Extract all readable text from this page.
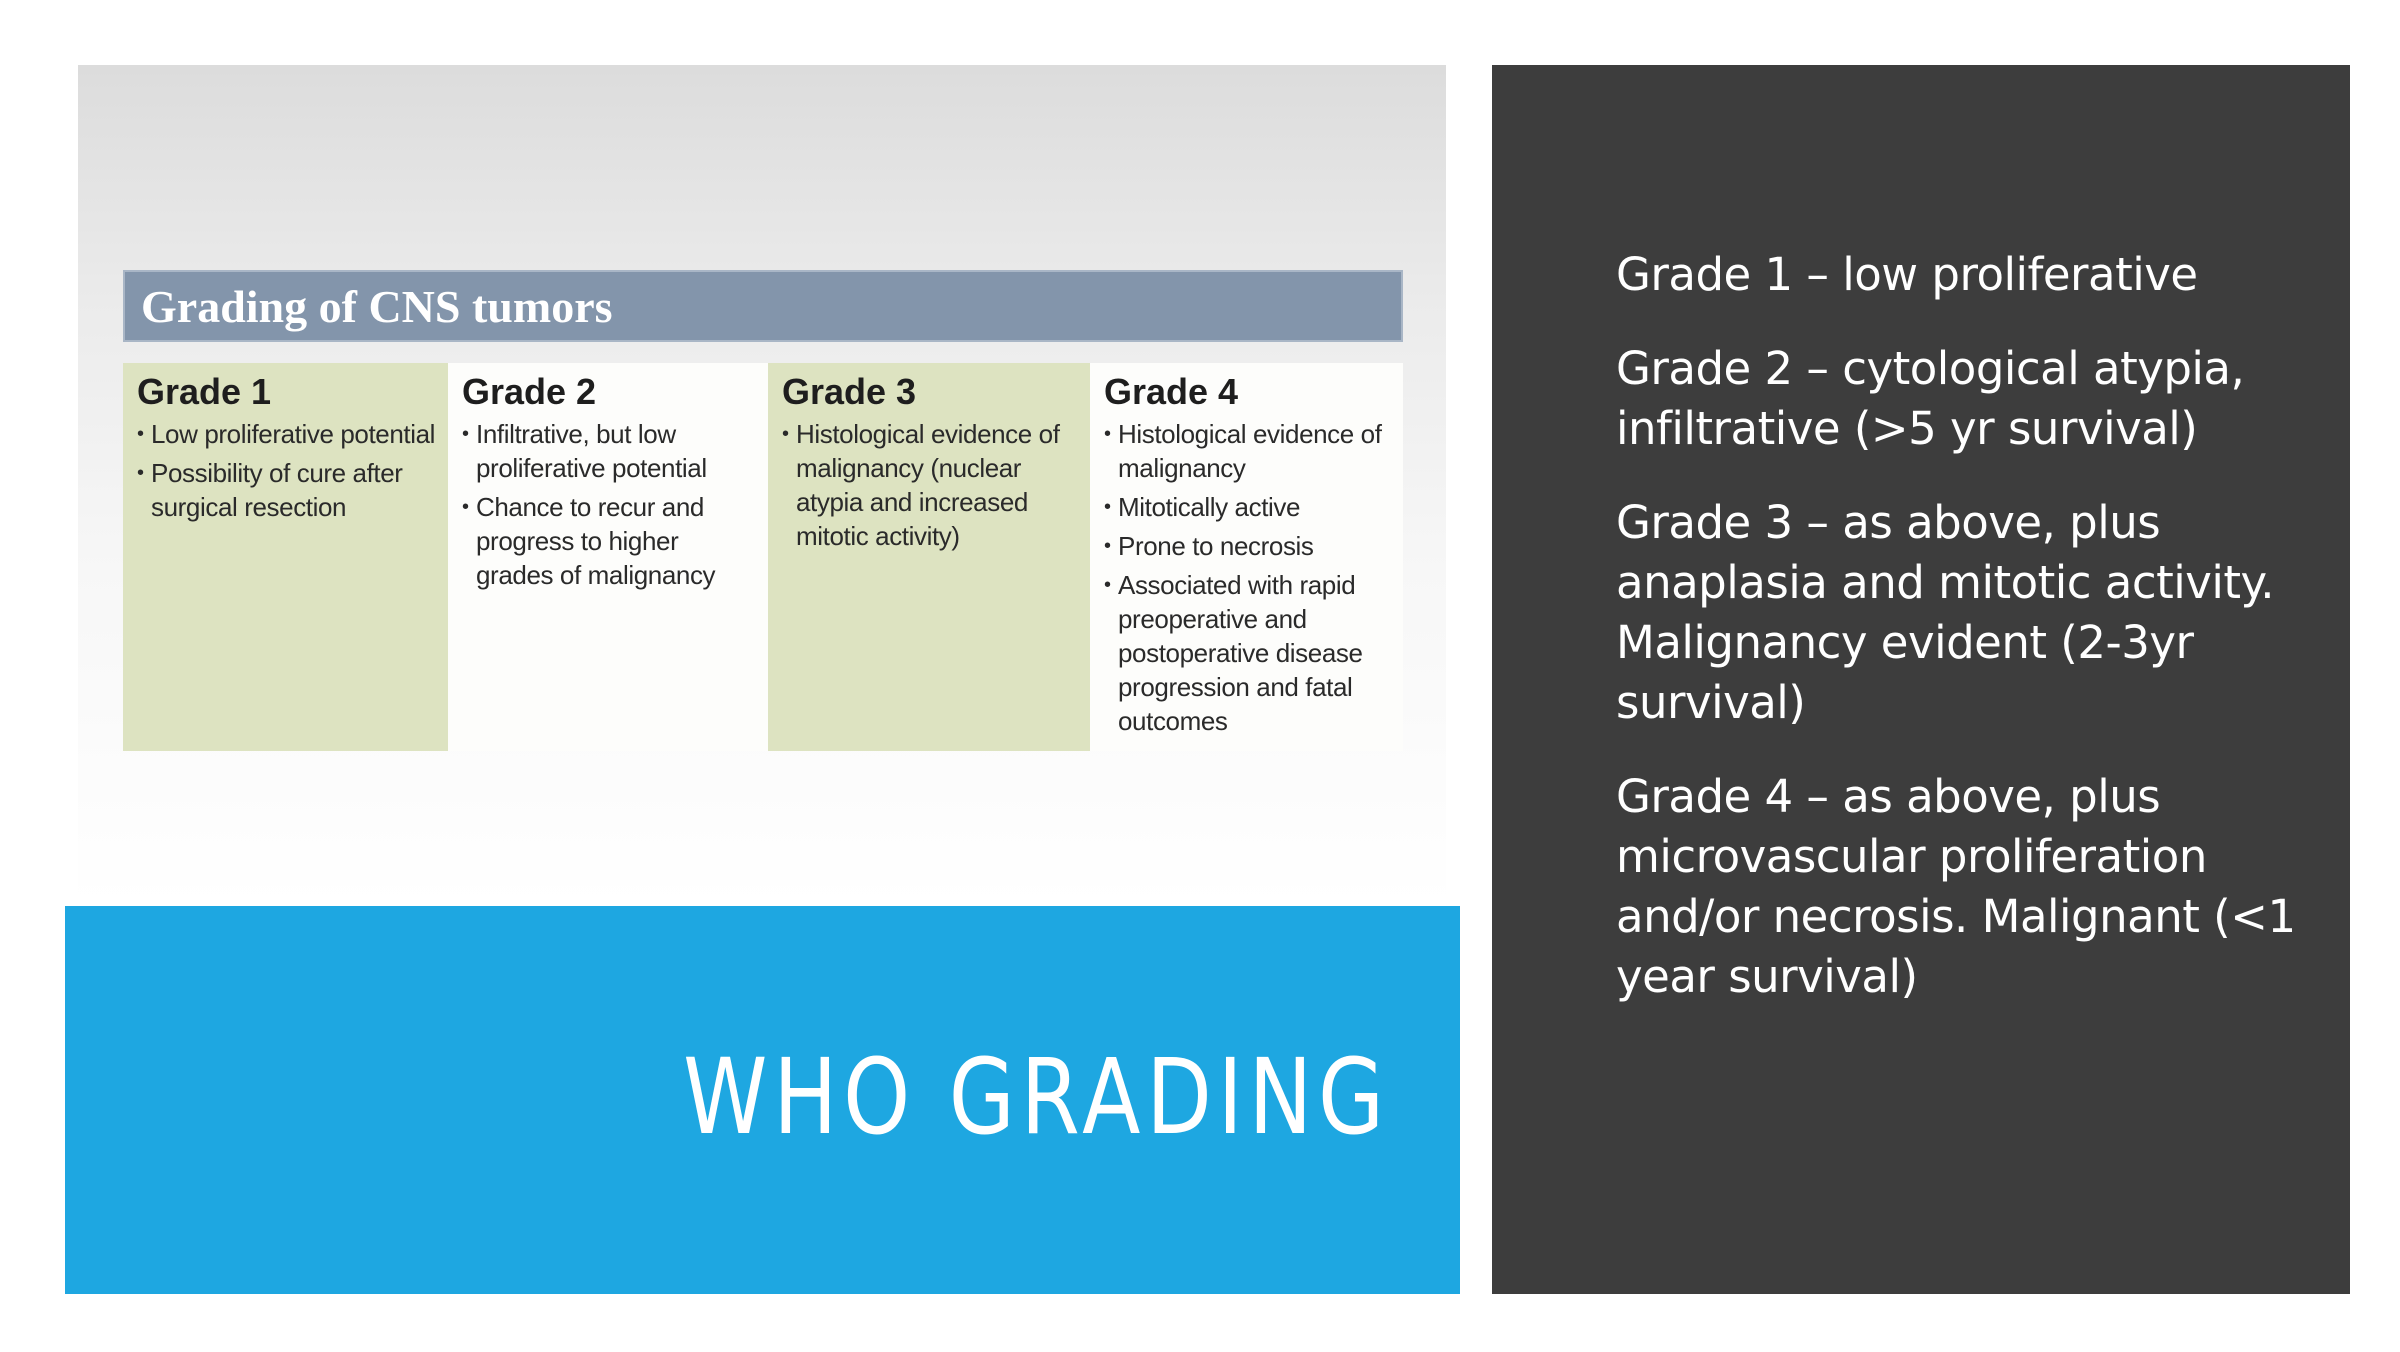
Grading of CNS tumors
Grade 1
• Low proliferative potential
• Possibility of cure after surgical resection
Grade 2
• Infiltrative, but low proliferative potential
• Chance to recur and progress to higher grades of malignancy
Grade 3
• Histological evidence of malignancy (nuclear atypia and increased mitotic activity)
Grade 4
• Histological evidence of malignancy
• Mitotically active
• Prone to necrosis
• Associated with rapid preoperative and postoperative disease progression and fatal outcomes
WHO GRADING
Grade 1 – low proliferative
Grade 2 – cytological atypia, infiltrative (>5 yr survival)
Grade 3 – as above, plus anaplasia and mitotic activity. Malignancy evident (2-3yr survival)
Grade 4 – as above, plus microvascular proliferation and/or necrosis. Malignant (<1 year survival)
